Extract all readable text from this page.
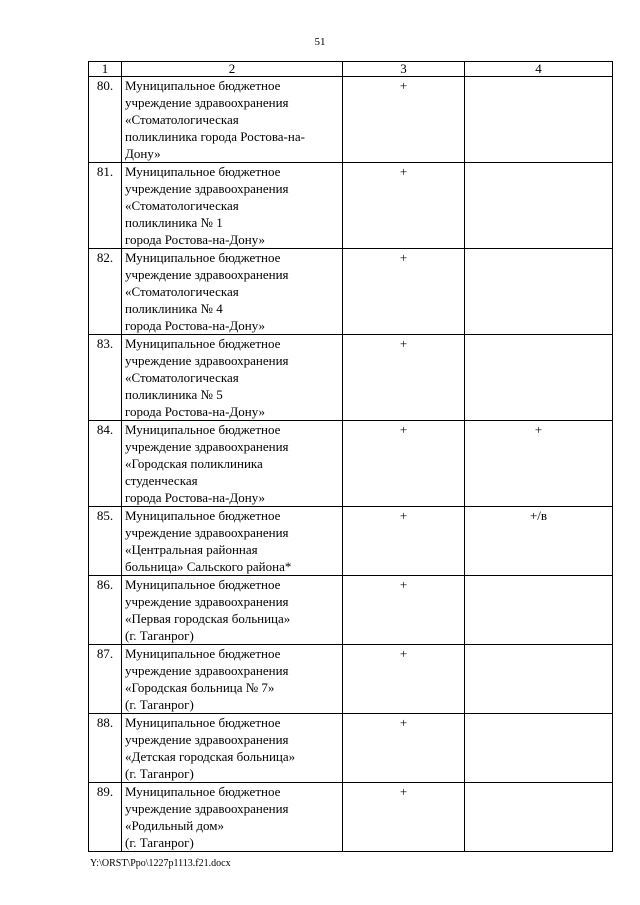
51
1	2	3	4
80.	Муниципальное бюджетное
учреждение здравоохранения
«Стоматологическая
поликлиника города Ростова-на-
Дону»	+	
81.	Муниципальное бюджетное
учреждение здравоохранения
«Стоматологическая
поликлиника № 1
города Ростова-на-Дону»	+	
82.	Муниципальное бюджетное
учреждение здравоохранения
«Стоматологическая
поликлиника № 4
города Ростова-на-Дону»	+	
83.	Муниципальное бюджетное
учреждение здравоохранения
«Стоматологическая
поликлиника № 5
города Ростова-на-Дону»	+	
84.	Муниципальное бюджетное
учреждение здравоохранения
«Городская поликлиника
студенческая
города Ростова-на-Дону»	+	+
85.	Муниципальное бюджетное
учреждение здравоохранения
«Центральная районная
больница» Сальского района*	+	+/в
86.	Муниципальное бюджетное
учреждение здравоохранения
«Первая городская больница»
(г. Таганрог)	+	
87.	Муниципальное бюджетное
учреждение здравоохранения
«Городская больница № 7»
(г. Таганрог)	+	
88.	Муниципальное бюджетное
учреждение здравоохранения
«Детская городская больница»
(г. Таганрог)	+	
89.	Муниципальное бюджетное
учреждение здравоохранения
«Родильный дом»
(г. Таганрог)	+	
Y:\ORST\Ppo\1227p1113.f21.docx
